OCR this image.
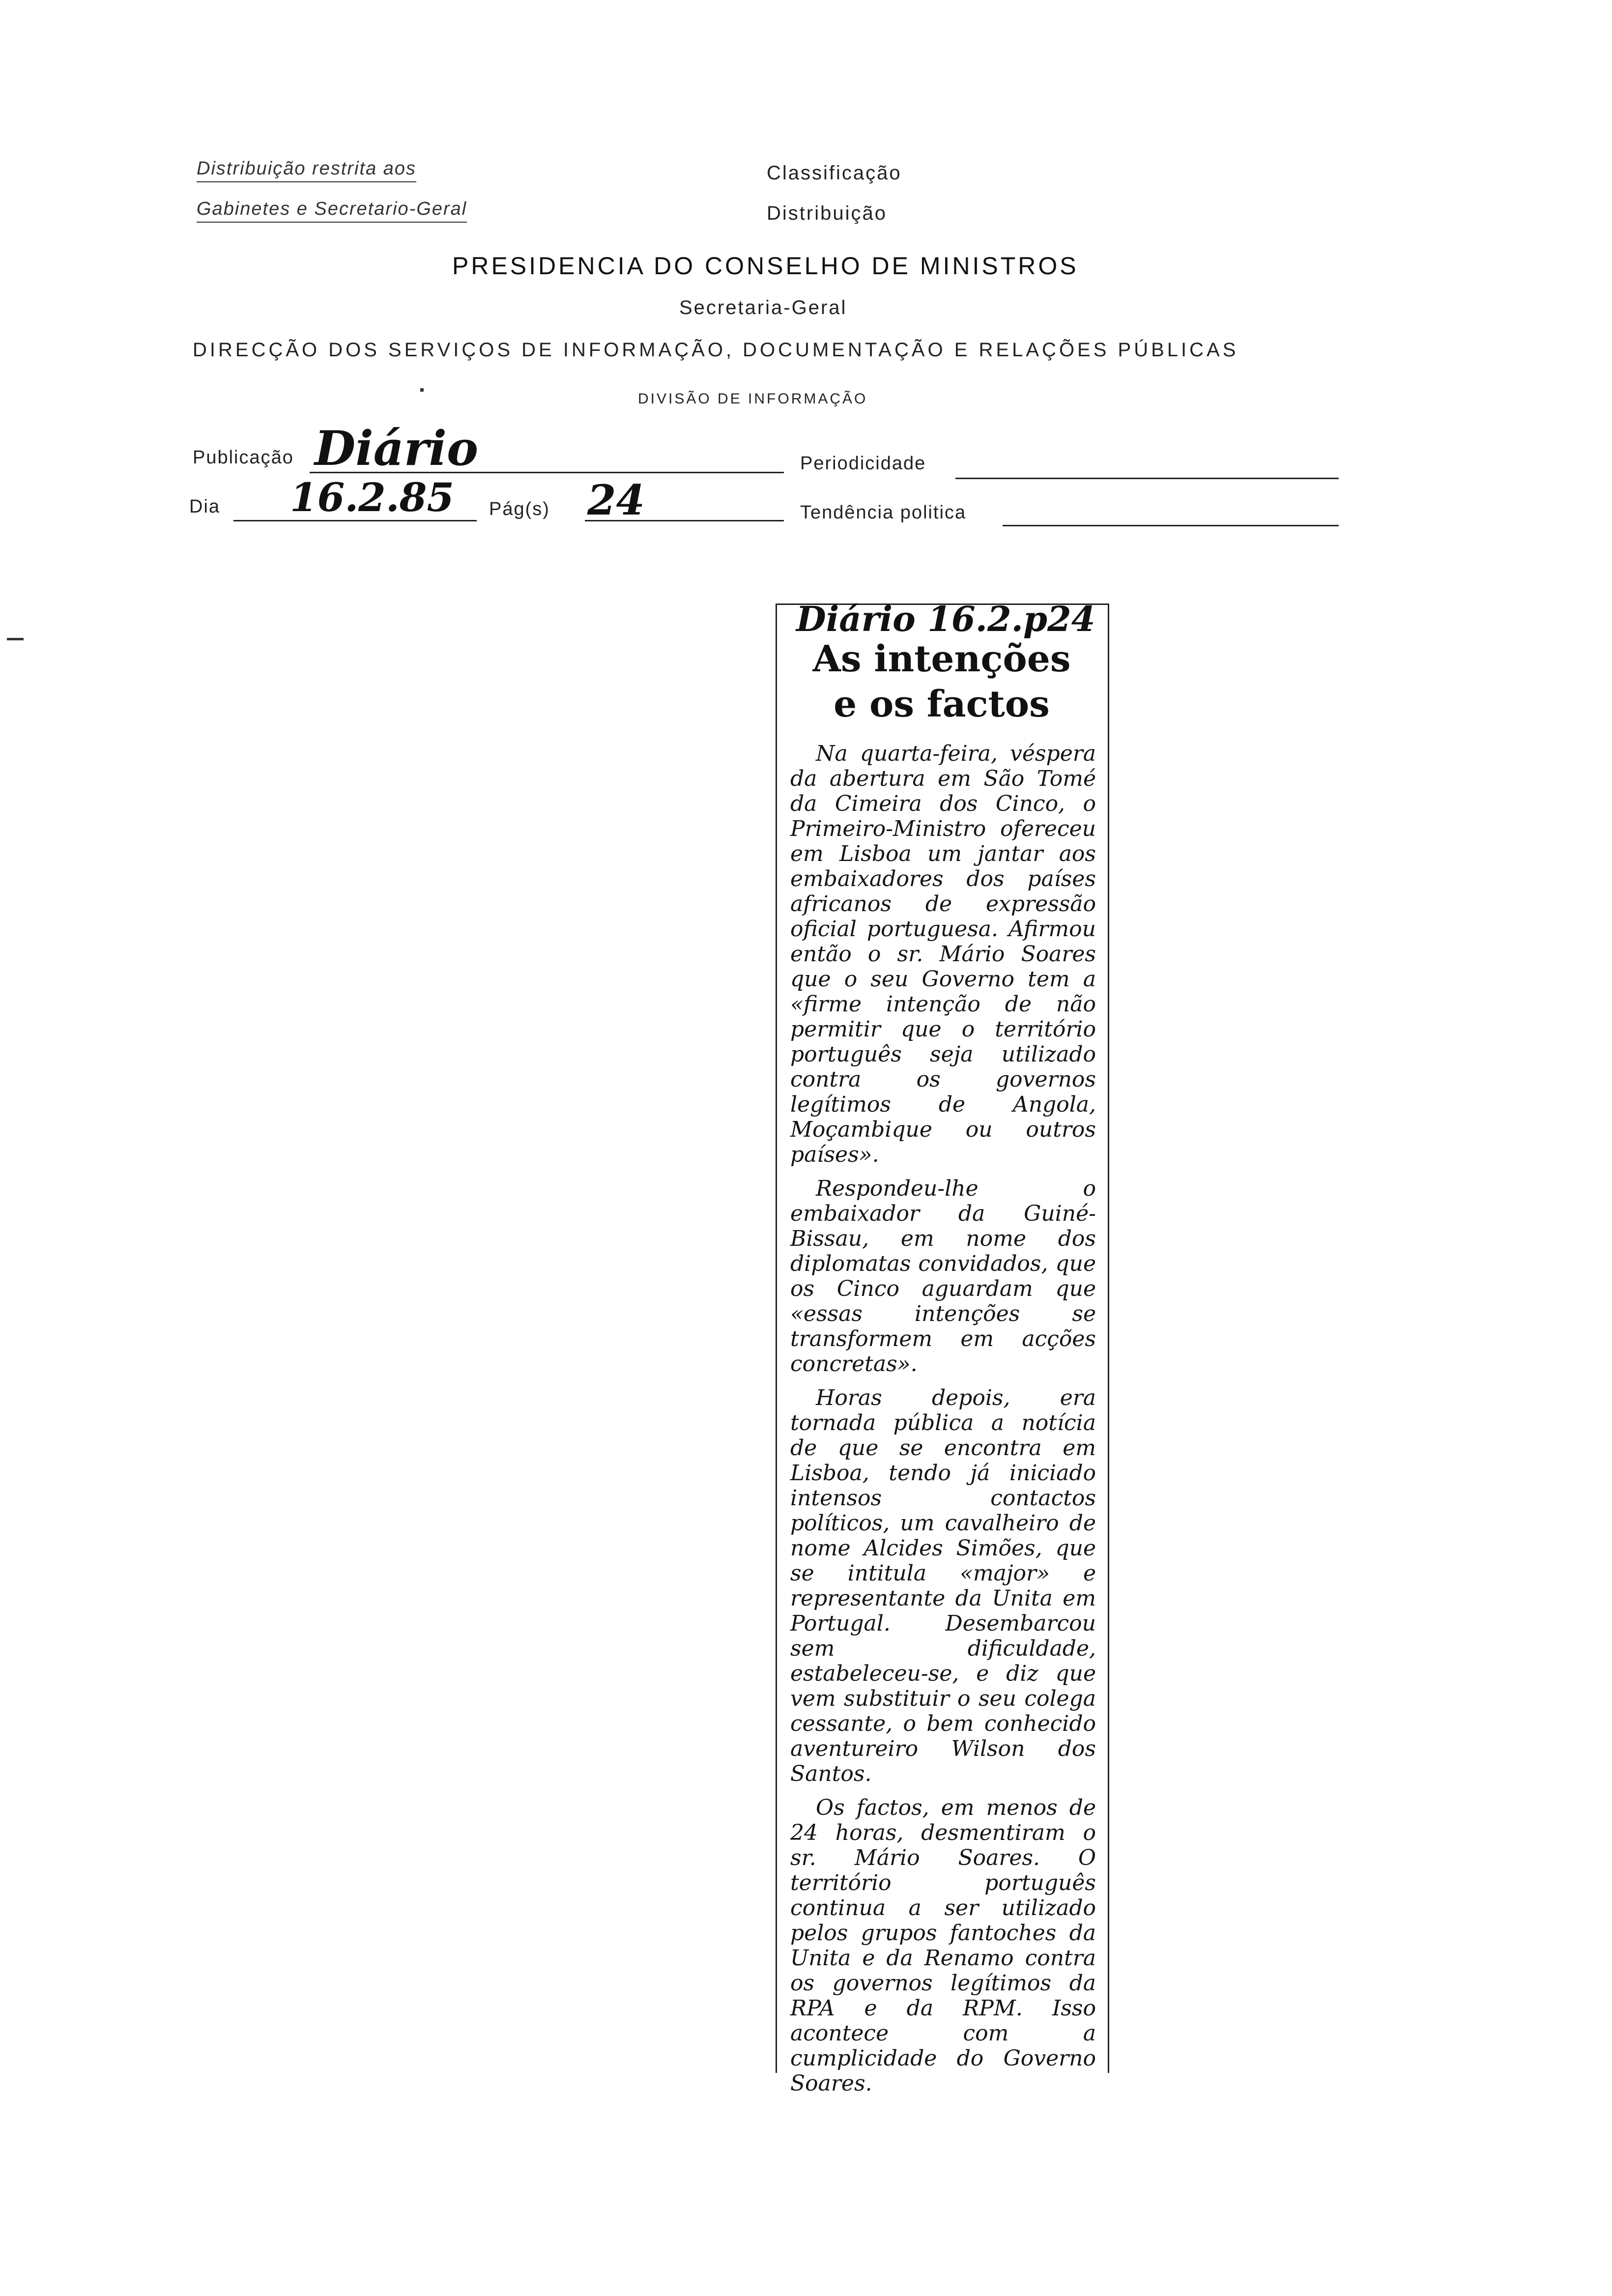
Distribuição restrita aos
Gabinetes e Secretario-Geral
Classificação
Distribuição
PRESIDENCIA DO CONSELHO DE MINISTROS
Secretaria-Geral
DIRECÇÃO DOS SERVIÇOS DE INFORMAÇÃO, DOCUMENTAÇÃO E RELAÇÕES PÚBLICAS
DIVISÃO DE INFORMAÇÃO
Publicação Diário	Periodicidade
Dia 16.2.85 Pág(s) 24	Tendência politica
Diário 16.2.p24
As intenções
e os factos

Na quarta-feira, véspera da abertura em São Tomé da Cimeira dos Cinco, o Primeiro-Ministro ofereceu em Lisboa um jantar aos embaixadores dos países africanos de expressão oficial portuguesa. Afirmou então o sr. Mário Soares que o seu Governo tem a «firme intenção de não permitir que o território português seja utilizado contra os governos legítimos de Angola, Moçambique ou outros países».

Respondeu-lhe o embaixador da Guiné-Bissau, em nome dos diplomatas convidados, que os Cinco aguardam que «essas intenções se transformem em acções concretas».

Horas depois, era tornada pública a notícia de que se encontra em Lisboa, tendo já iniciado intensos contactos políticos, um cavalheiro de nome Alcides Simões, que se intitula «major» e representante da Unita em Portugal. Desembarcou sem dificuldade, estabeleceu-se, e diz que vem substituir o seu colega cessante, o bem conhecido aventureiro Wilson dos Santos.

Os factos, em menos de 24 horas, desmentiram o sr. Mário Soares. O território português continua a ser utilizado pelos grupos fantoches da Unita e da Renamo contra os governos legítimos da RPA e da RPM. Isso acontece com a cumplicidade do Governo Soares.
